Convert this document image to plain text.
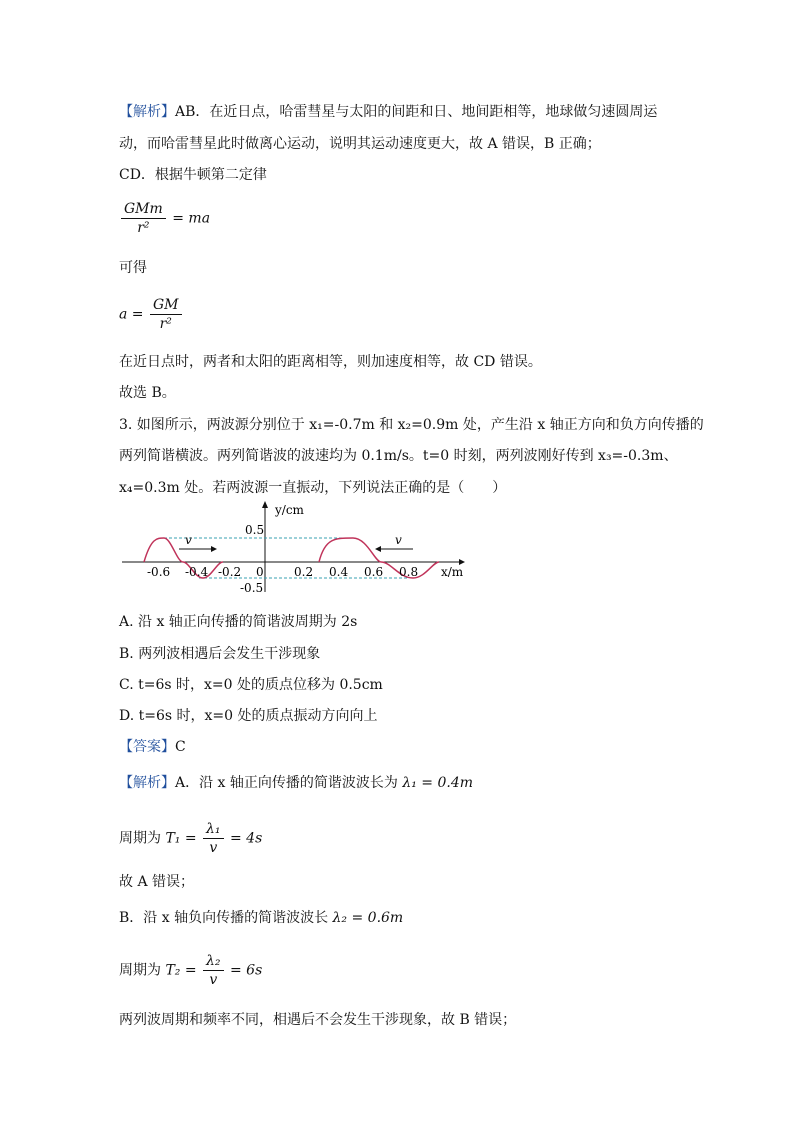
【解析】AB．在近日点，哈雷彗星与太阳的间距和日、地间距相等，地球做匀速圆周运
动，而哈雷彗星此时做离心运动，说明其运动速度更大，故 A 错误，B 正确；
CD．根据牛顿第二定律
$\frac{\text{GMm}}{\text{r²}}$ = ma
可得
$a = \frac{GM}{\text{r²}}$
在近日点时，两者和太阳的距离相等，则加速度相等，故 CD 错误。
故选 B。
3. 如图所示，两波源分别位于 x₁=-0.7m 和 x₂=0.9m 处，产生沿 x 轴正方向和负方向传播的
两列简谐横波。两列简谐波的波速均为 0.1m/s。t=0 时刻，两列波刚好传到 x₃=-0.3m、
x₄=0.3m 处。若两波源一直振动，下列说法正确的是（　　）
v	v
y/cm
x/m
0.5
-0.5
0
-0.6 -0.4 -0.2	0.2 0.4 0.6 0.8
A. 沿 x 轴正向传播的简谐波周期为 2s
B. 两列波相遇后会发生干涉现象
C. t=6s 时，x=0 处的质点位移为 0.5cm
D. t=6s 时，x=0 处的质点振动方向向上
【答案】C
【解析】A．沿 x 轴正向传播的简谐波波长为 λ₁ = 0.4m
周期为 $T_1 = \frac{\text{λ₁}}{v} = 4s$
故 A 错误；
B．沿 x 轴负向传播的简谐波波长 λ₂ = 0.6m
周期为 $T_2 = \frac{\text{λ₂}}{v} = 6s$
两列波周期和频率不同，相遇后不会发生干涉现象，故 B 错误；
